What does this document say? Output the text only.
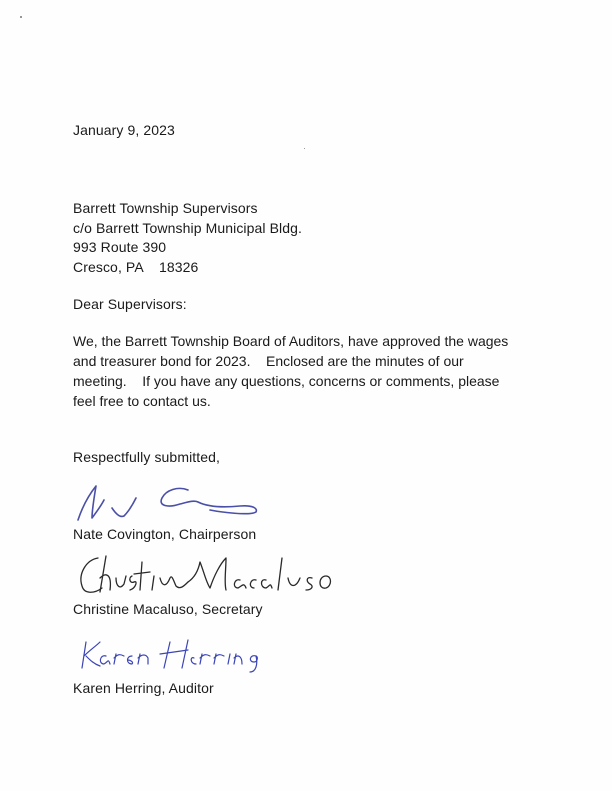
January 9, 2023
Barrett Township Supervisors
c/o Barrett Township Municipal Bldg.
993 Route 390
Cresco, PA    18326
Dear Supervisors:
We, the Barrett Township Board of Auditors, have approved the wages
and treasurer bond for 2023.    Enclosed are the minutes of our
meeting.    If you have any questions, concerns or comments, please
feel free to contact us.
Respectfully submitted,
Nate Covington, Chairperson
Christine Macaluso, Secretary
Karen Herring, Auditor
